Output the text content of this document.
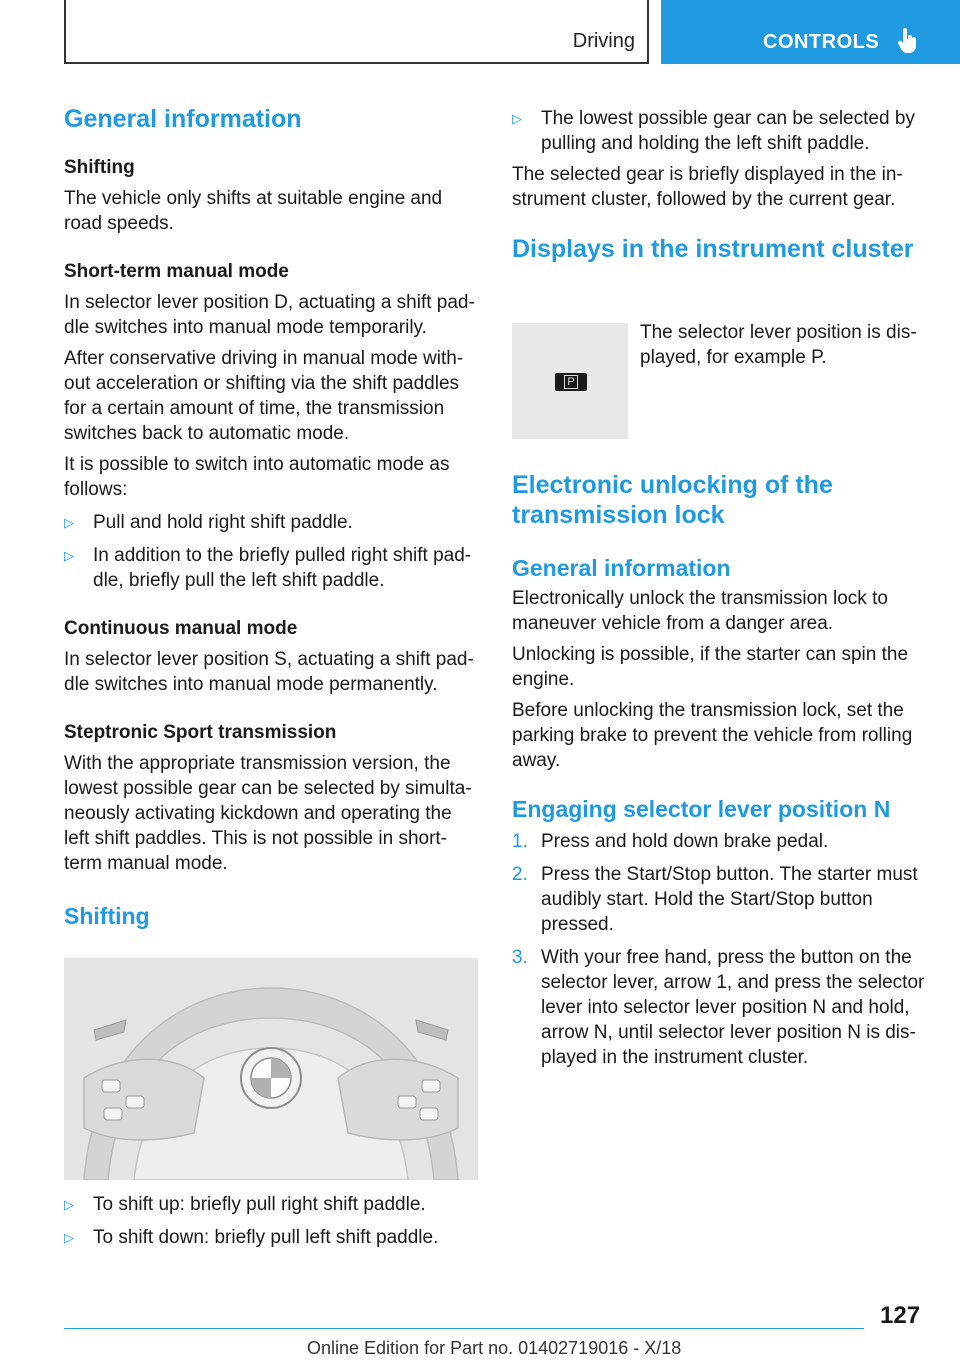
Driving	CONTROLS
General information
Shifting
The vehicle only shifts at suitable engine and road speeds.
Short-term manual mode
In selector lever position D, actuating a shift pad‐dle switches into manual mode temporarily.
After conservative driving in manual mode with‐out acceleration or shifting via the shift paddles for a certain amount of time, the transmission switches back to automatic mode.
It is possible to switch into automatic mode as follows:
▷ Pull and hold right shift paddle.
▷ In addition to the briefly pulled right shift pad‐dle, briefly pull the left shift paddle.
Continuous manual mode
In selector lever position S, actuating a shift pad‐dle switches into manual mode permanently.
Steptronic Sport transmission
With the appropriate transmission version, the lowest possible gear can be selected by simulta‐neously activating kickdown and operating the left shift paddles. This is not possible in short-term manual mode.
Shifting
▷ To shift up: briefly pull right shift paddle.
▷ To shift down: briefly pull left shift paddle.
▷ The lowest possible gear can be selected by pulling and holding the left shift paddle.
The selected gear is briefly displayed in the in‐strument cluster, followed by the current gear.
Displays in the instrument cluster
P
The selector lever position is dis‐played, for example P.
Electronic unlocking of the transmission lock
General information
Electronically unlock the transmission lock to maneuver vehicle from a danger area.
Unlocking is possible, if the starter can spin the engine.
Before unlocking the transmission lock, set the parking brake to prevent the vehicle from rolling away.
Engaging selector lever position N
1. Press and hold down brake pedal.
2. Press the Start/Stop button. The starter must audibly start. Hold the Start/Stop button pressed.
3. With your free hand, press the button on the selector lever, arrow 1, and press the selector lever into selector lever position N and hold, arrow N, until selector lever position N is dis‐played in the instrument cluster.
127
Online Edition for Part no. 01402719016 - X/18
